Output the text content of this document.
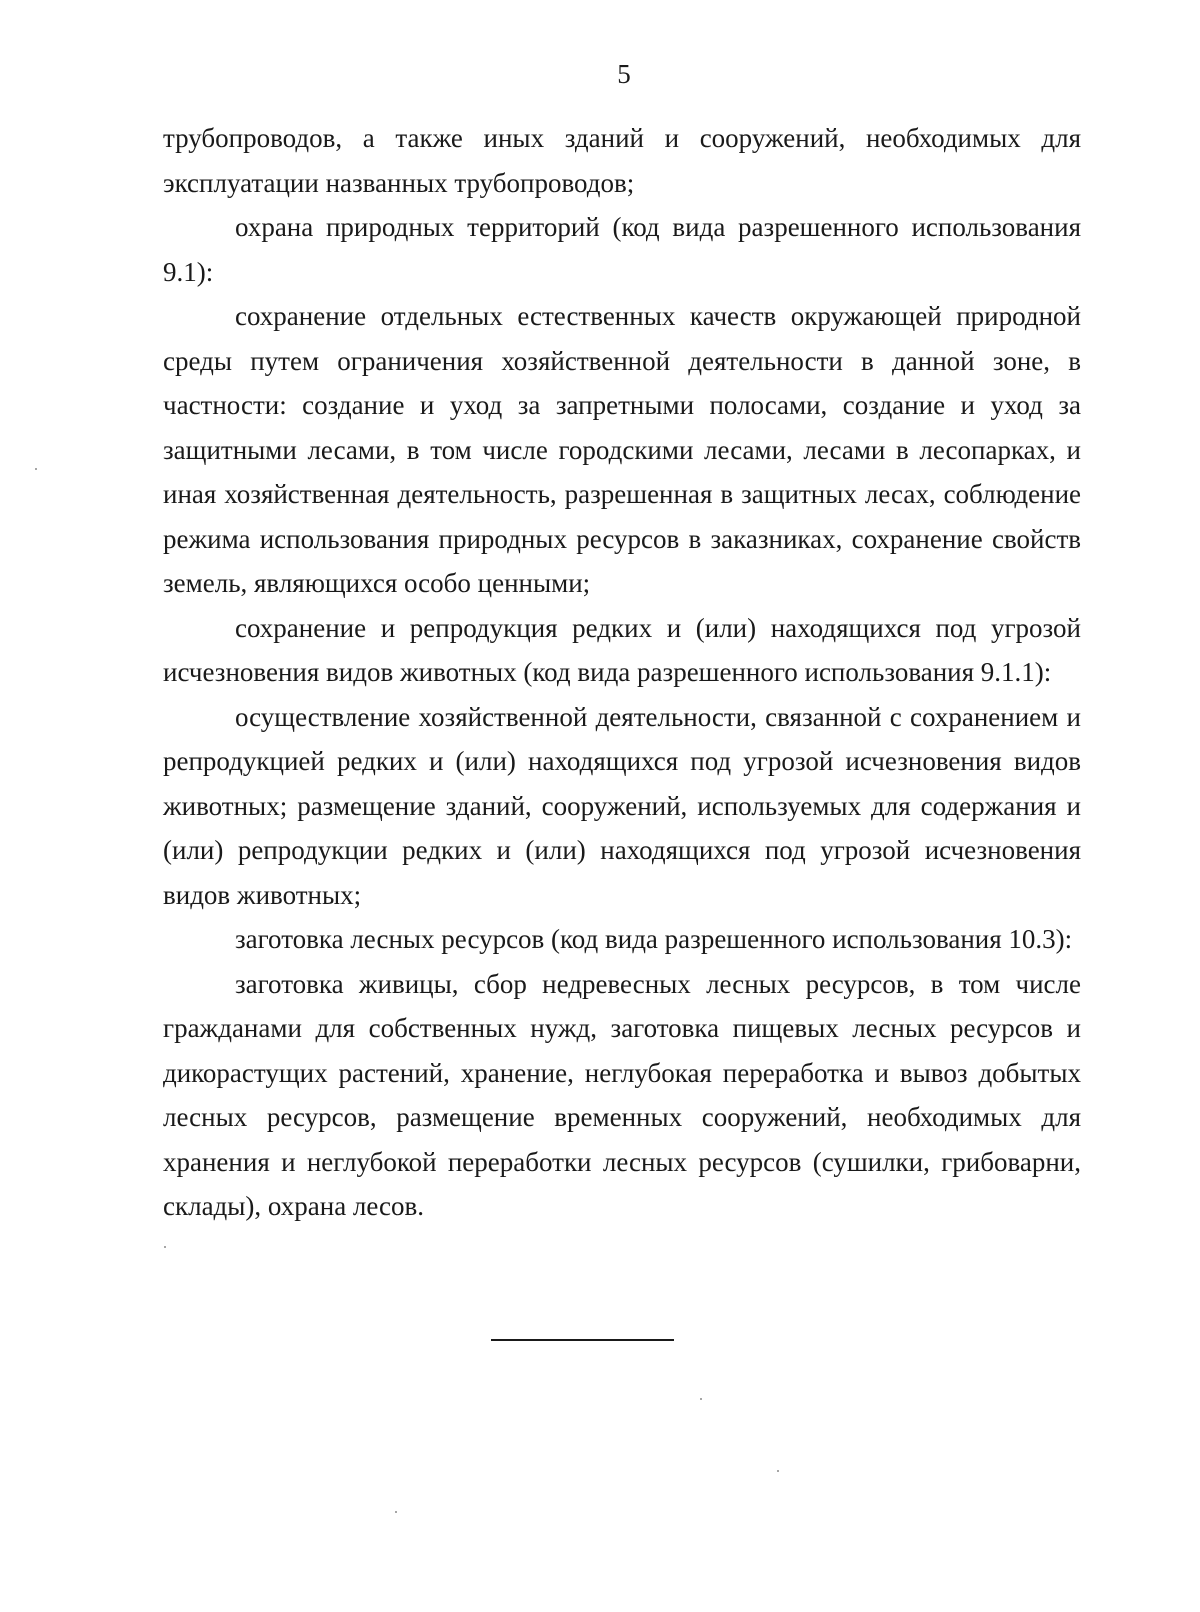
5

трубопроводов, а также иных зданий и сооружений, необходимых для эксплуатации названных трубопроводов;

охрана природных территорий (код вида разрешенного использования 9.1):

сохранение отдельных естественных качеств окружающей природной среды путем ограничения хозяйственной деятельности в данной зоне, в частности: создание и уход за запретными полосами, создание и уход за защитными лесами, в том числе городскими лесами, лесами в лесопарках, и иная хозяйственная деятельность, разрешенная в защитных лесах, соблюдение режима использования природных ресурсов в заказниках, сохранение свойств земель, являющихся особо ценными;

сохранение и репродукция редких и (или) находящихся под угрозой исчезновения видов животных (код вида разрешенного использования 9.1.1):

осуществление хозяйственной деятельности, связанной с сохранением и репродукцией редких и (или) находящихся под угрозой исчезновения видов животных; размещение зданий, сооружений, используемых для содержания и (или) репродукции редких и (или) находящихся под угрозой исчезновения видов животных;

заготовка лесных ресурсов (код вида разрешенного использования 10.3):

заготовка живицы, сбор недревесных лесных ресурсов, в том числе гражданами для собственных нужд, заготовка пищевых лесных ресурсов и дикорастущих растений, хранение, неглубокая переработка и вывоз добытых лесных ресурсов, размещение временных сооружений, необходимых для хранения и неглубокой переработки лесных ресурсов (сушилки, грибоварни, склады), охрана лесов.
